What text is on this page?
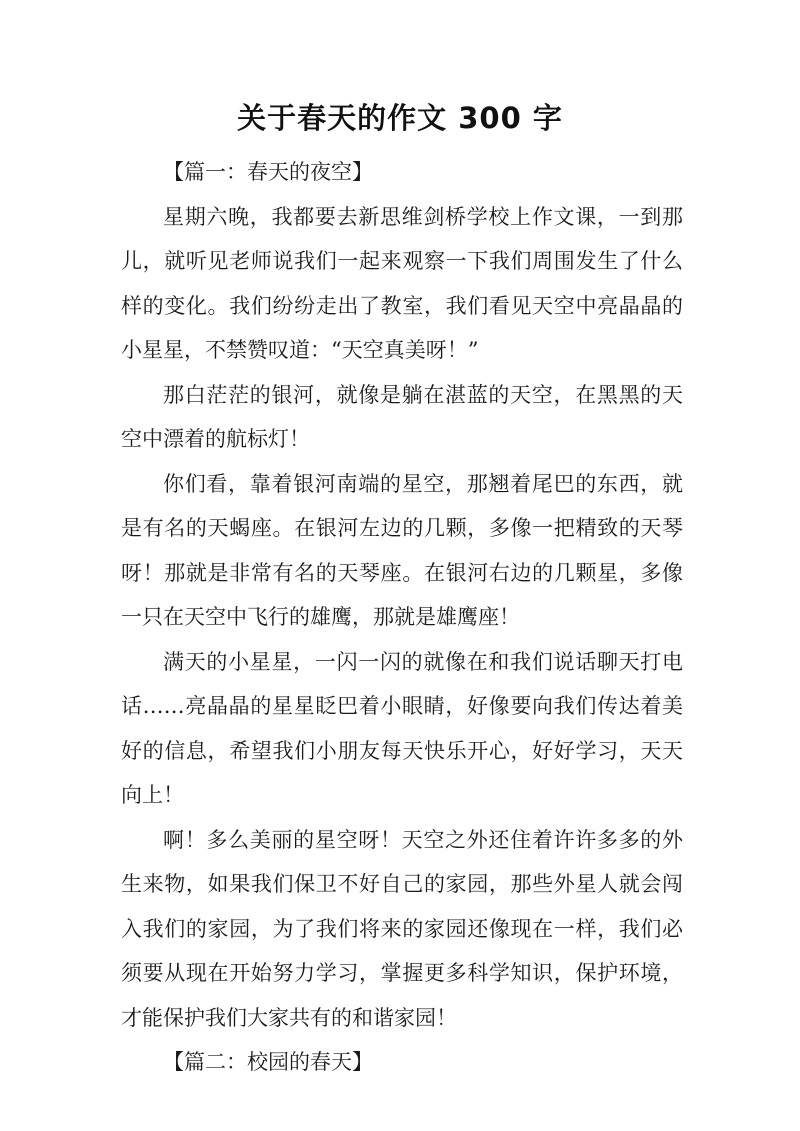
关于春天的作文 300 字

【篇一：春天的夜空】

星期六晚，我都要去新思维剑桥学校上作文课，一到那儿，就听见老师说我们一起来观察一下我们周围发生了什么样的变化。我们纷纷走出了教室，我们看见天空中亮晶晶的小星星，不禁赞叹道：“天空真美呀！”

那白茫茫的银河，就像是躺在湛蓝的天空，在黑黑的天空中漂着的航标灯！

你们看，靠着银河南端的星空，那翘着尾巴的东西，就是有名的天蝎座。在银河左边的几颗，多像一把精致的天琴呀！那就是非常有名的天琴座。在银河右边的几颗星，多像一只在天空中飞行的雄鹰，那就是雄鹰座！

满天的小星星，一闪一闪的就像在和我们说话聊天打电话……亮晶晶的星星眨巴着小眼睛，好像要向我们传达着美好的信息，希望我们小朋友每天快乐开心，好好学习，天天向上！

啊！多么美丽的星空呀！天空之外还住着许许多多的外生来物，如果我们保卫不好自己的家园，那些外星人就会闯入我们的家园，为了我们将来的家园还像现在一样，我们必须要从现在开始努力学习，掌握更多科学知识，保护环境，才能保护我们大家共有的和谐家园！

【篇二：校园的春天】
